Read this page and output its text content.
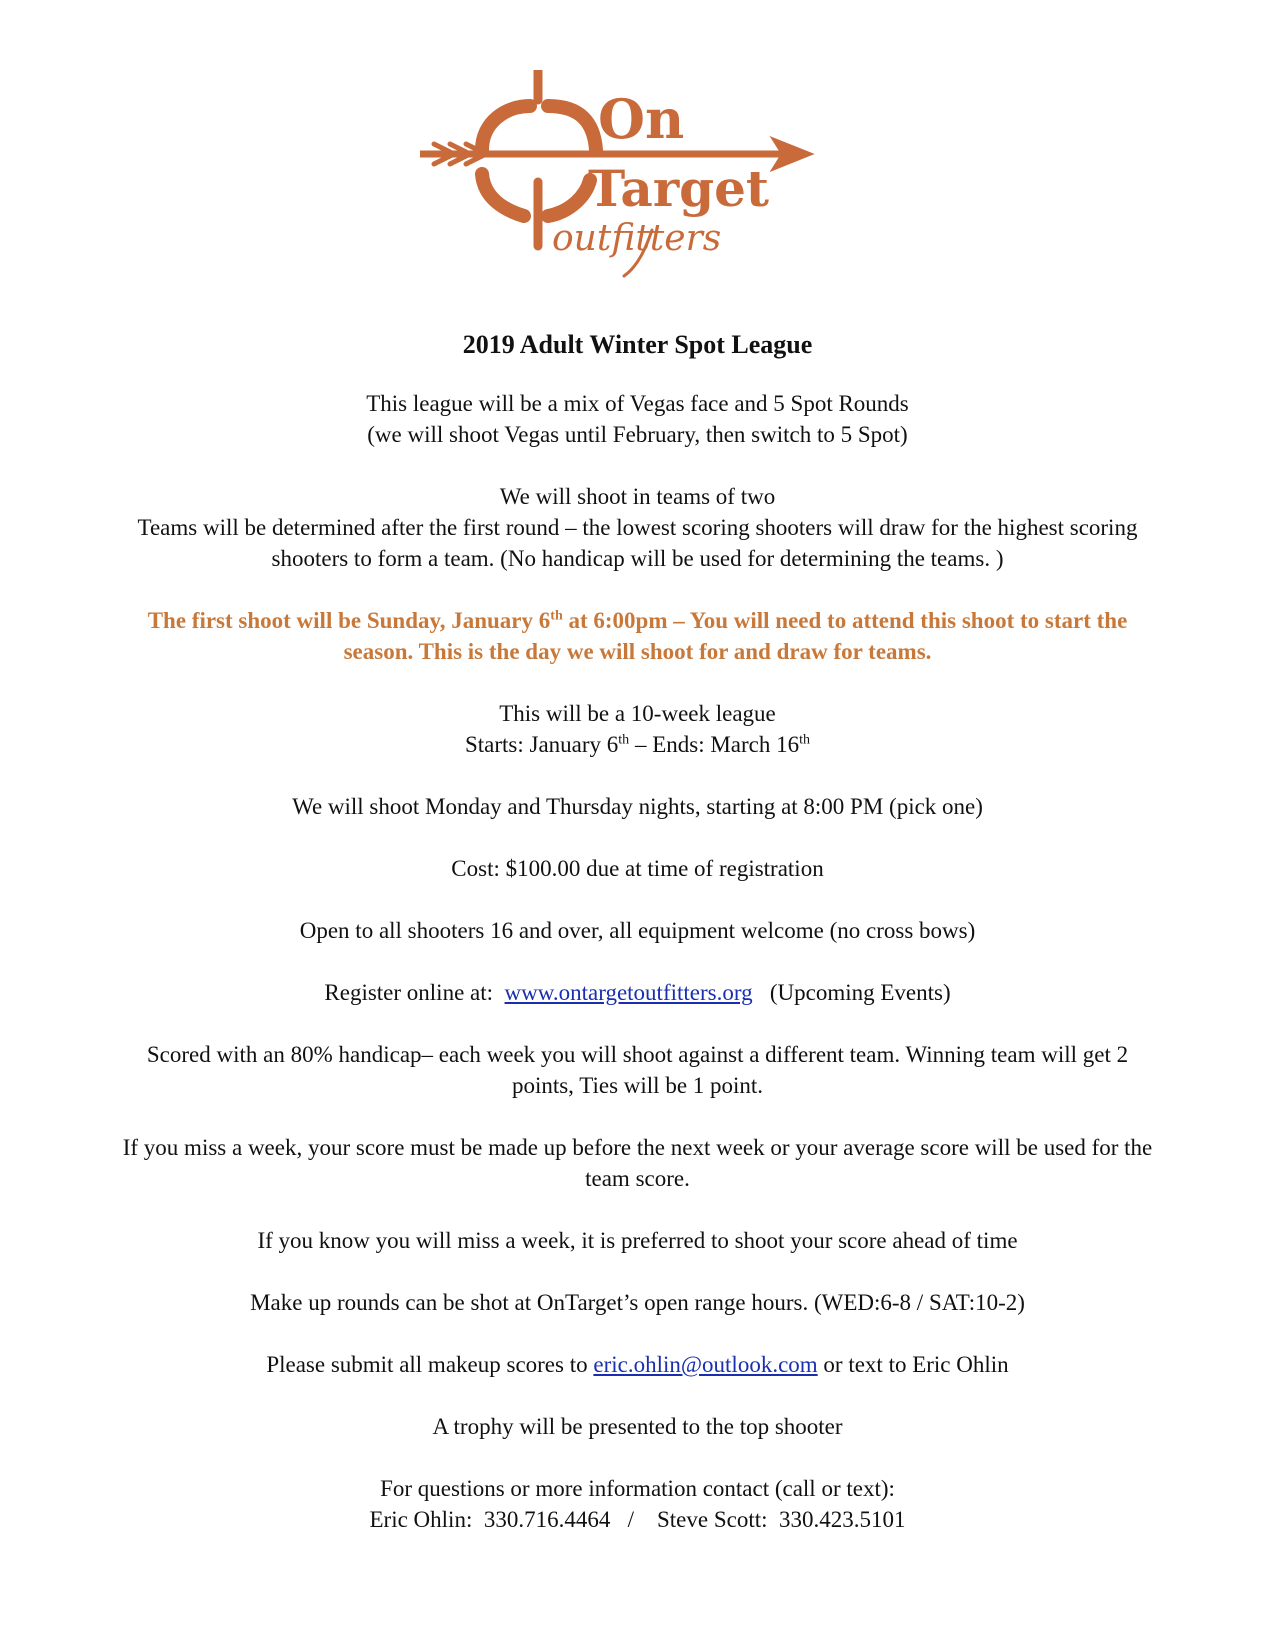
On
Target
outfitters

2019 Adult Winter Spot League

This league will be a mix of Vegas face and 5 Spot Rounds

(we will shoot Vegas until February, then switch to 5 Spot)

We will shoot in teams of two

Teams will be determined after the first round – the lowest scoring shooters will draw for the highest scoring

shooters to form a team. (No handicap will be used for determining the teams. )

The first shoot will be Sunday, January 6th at 6:00pm – You will need to attend this shoot to start the

season. This is the day we will shoot for and draw for teams.

This will be a 10-week league

Starts: January 6th – Ends: March 16th

We will shoot Monday and Thursday nights, starting at 8:00 PM (pick one)

Cost: $100.00 due at time of registration

Open to all shooters 16 and over, all equipment welcome (no cross bows)

Register online at:  www.ontargetoutfitters.org   (Upcoming Events)

Scored with an 80% handicap– each week you will shoot against a different team. Winning team will get 2

points, Ties will be 1 point.

If you miss a week, your score must be made up before the next week or your average score will be used for the

team score.

If you know you will miss a week, it is preferred to shoot your score ahead of time

Make up rounds can be shot at OnTarget’s open range hours. (WED:6-8 / SAT:10-2)

Please submit all makeup scores to eric.ohlin@outlook.com or text to Eric Ohlin

A trophy will be presented to the top shooter

For questions or more information contact (call or text):

Eric Ohlin:  330.716.4464   /    Steve Scott:  330.423.5101
